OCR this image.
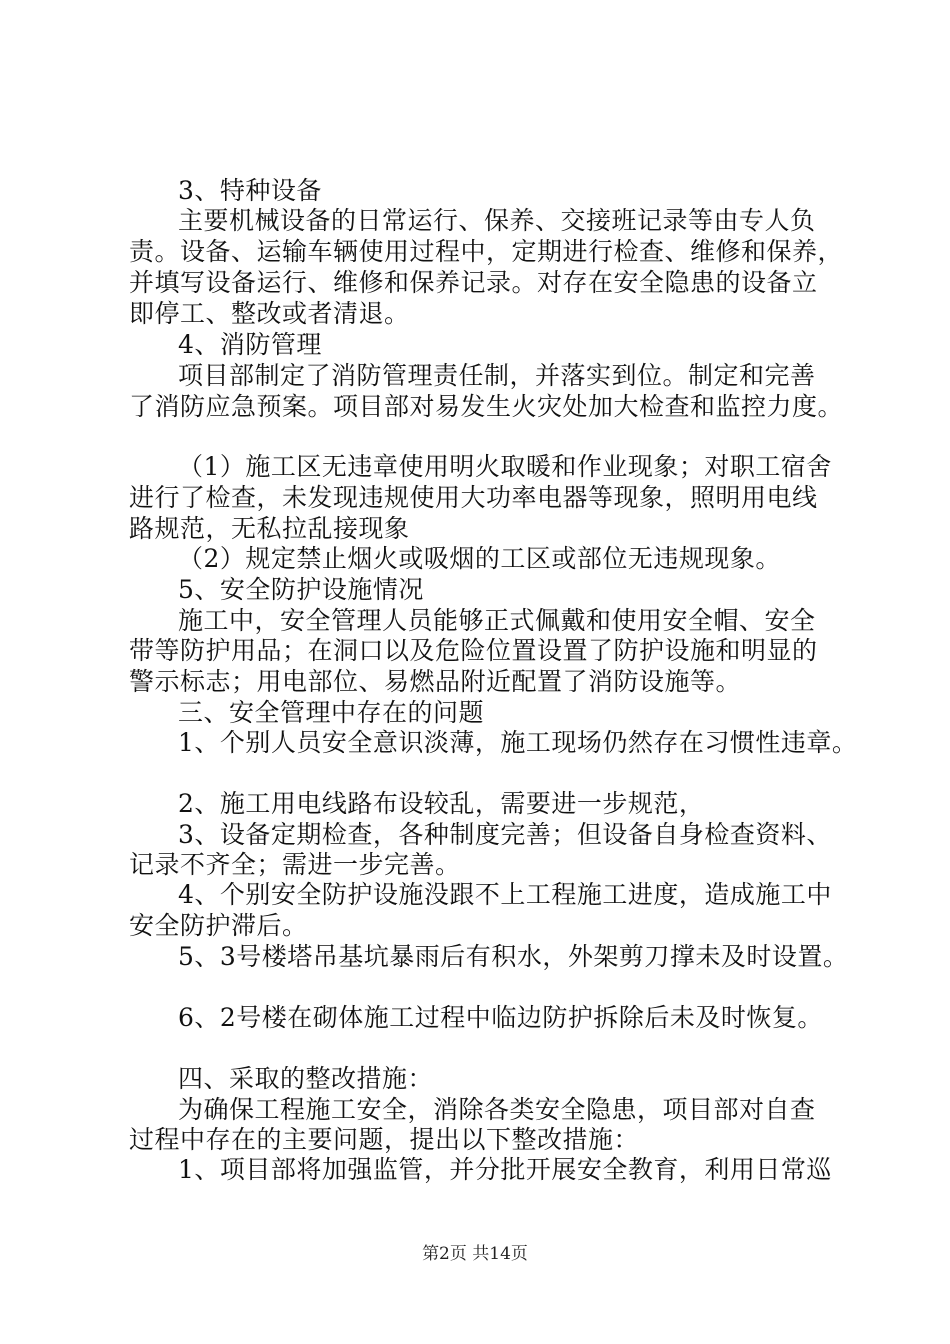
3、特种设备
主要机械设备的日常运行、保养、交接班记录等由专人负
责。设备、运输车辆使用过程中，定期进行检查、维修和保养，
并填写设备运行、维修和保养记录。对存在安全隐患的设备立
即停工、整改或者清退。
4、消防管理
项目部制定了消防管理责任制，并落实到位。制定和完善
了消防应急预案。项目部对易发生火灾处加大检查和监控力度。
（1）施工区无违章使用明火取暖和作业现象；对职工宿舍
进行了检查，未发现违规使用大功率电器等现象，照明用电线
路规范，无私拉乱接现象
（2）规定禁止烟火或吸烟的工区或部位无违规现象。
5、安全防护设施情况
施工中，安全管理人员能够正式佩戴和使用安全帽、安全
带等防护用品；在洞口以及危险位置设置了防护设施和明显的
警示标志；用电部位、易燃品附近配置了消防设施等。
三、安全管理中存在的问题
1、个别人员安全意识淡薄，施工现场仍然存在习惯性违章。
2、施工用电线路布设较乱，需要进一步规范，
3、设备定期检查，各种制度完善；但设备自身检查资料、
记录不齐全；需进一步完善。
4、个别安全防护设施没跟不上工程施工进度，造成施工中
安全防护滞后。
5、3号楼塔吊基坑暴雨后有积水，外架剪刀撑未及时设置。
6、2号楼在砌体施工过程中临边防护拆除后未及时恢复。
四、采取的整改措施：
为确保工程施工安全，消除各类安全隐患，项目部对自查
过程中存在的主要问题，提出以下整改措施：
1、项目部将加强监管，并分批开展安全教育，利用日常巡
第2页 共14页
